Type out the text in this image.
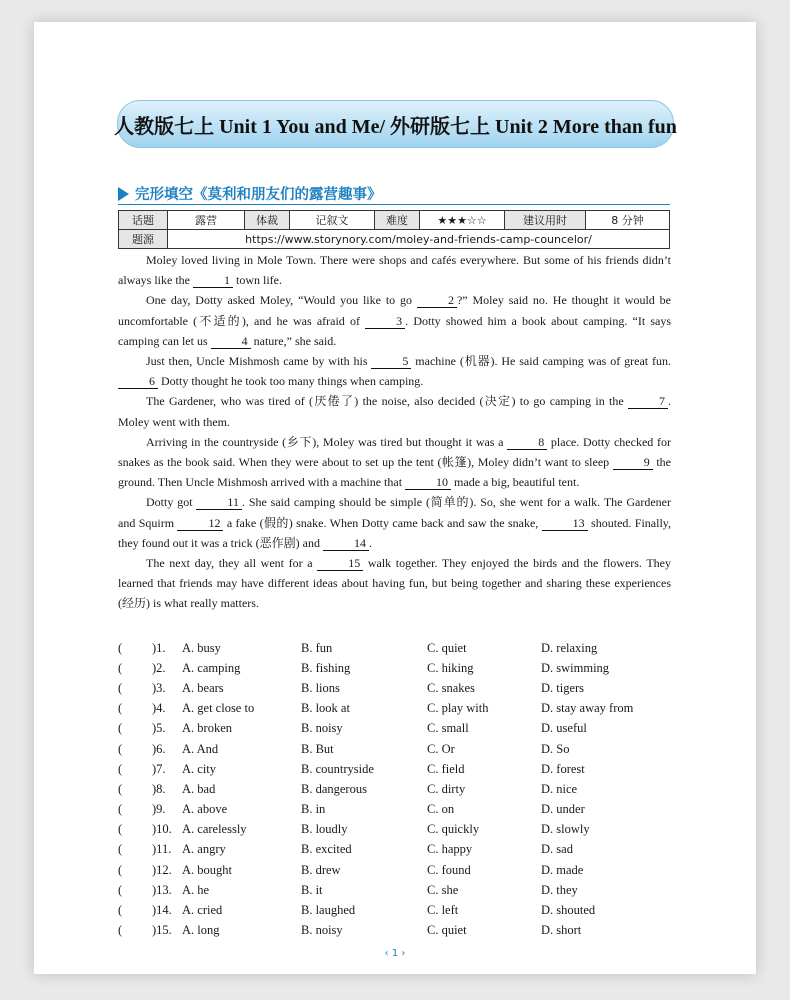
人教版七上 Unit 1 You and Me/ 外研版七上 Unit 2 More than fun
完形填空《莫利和朋友们的露营趣事》
话题	露营	体裁	记叙文	难度	★★★☆☆	建议用时	8 分钟
题源	https://www.storynory.com/moley-and-friends-camp-councelor/						

Moley loved living in Mole Town. There were shops and cafés everywhere. But some of his friends didn’t always like the	1 town life.

One day, Dotty asked Moley, “Would you like to go	2 ?” Moley said no. He thought it would be uncomfortable (不适的), and he was afraid of	3 . Dotty showed him a book about camping. “It says camping can let us	4 nature,” she said.

Just then, Uncle Mishmosh came by with his	5 machine (机器). He said camping was of great fun. 6 Dotty thought he took too many things when camping.

The Gardener, who was tired of (厌倦了) the noise, also decided (决定) to go camping in the	7 . Moley went with them.

Arriving in the countryside (乡下), Moley was tired but thought it was a	8 place. Dotty checked for snakes as the book said. When they were about to set up the tent (帐篷), Moley didn’t want to sleep	9 the ground. Then Uncle Mishmosh arrived with a machine that	10 made a big, beautiful tent.

Dotty got	11 . She said camping should be simple (简单的). So, she went for a walk. The Gardener and Squirm	12 a fake (假的) snake. When Dotty came back and saw the snake,	13 shouted. Finally, they found out it was a trick (恶作剧) and	14 .

The next day, they all went for a	15 walk together. They enjoyed the birds and the flowers. They learned that friends may have different ideas about having fun, but being together and sharing these experiences (经历) is what really matters.

(	)1. A. busy	B. fun	C. quiet	D. relaxing
(	)2. A. camping	B. fishing	C. hiking	D. swimming
(	)3. A. bears	B. lions	C. snakes	D. tigers
(	)4. A. get close to	B. look at	C. play with	D. stay away from
(	)5. A. broken	B. noisy	C. small	D. useful
(	)6. A. And	B. But	C. Or	D. So
(	)7. A. city	B. countryside	C. field	D. forest
(	)8. A. bad	B. dangerous	C. dirty	D. nice
(	)9. A. above	B. in	C. on	D. under
(	)10. A. carelessly	B. loudly	C. quickly	D. slowly
(	)11. A. angry	B. excited	C. happy	D. sad
(	)12. A. bought	B. drew	C. found	D. made
(	)13. A. he	B. it	C. she	D. they
(	)14. A. cried	B. laughed	C. left	D. shouted
(	)15. A. long	B. noisy	C. quiet	D. short
‹ 1 ›
